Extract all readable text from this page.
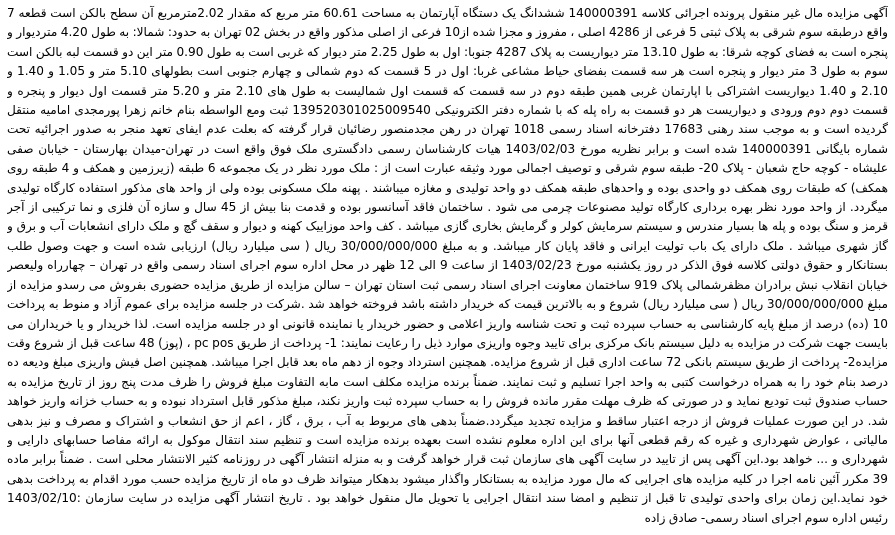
آگهی مزایده مال غیر منقول پرونده اجرائی کلاسه 140000391 ششدانگ یک دستگاه آپارتمان به مساحت 60.61 متر مربع که مقدار 2.02مترمربع آن سطح بالکن است قطعه 7 واقع درطبقه سوم شرقی به پلاک ثبتی 5 فرعی از 4286 اصلی ، مفروز و مجزا شده از10 فرعی از اصلی مذکور واقع در بخش 02 تهران به حدود: شمالا: به طول 4.20 متردیوار و پنجره است به فضای کوچه شرقا: به طول 13.10 متر دیواریست به پلاک 4287 جنوبا: اول به طول 2.25 متر دیوار که غربی است به طول 0.90 متر این دو قسمت لبه بالکن است سوم به طول 3 متر دیوار و پنجره است هر سه قسمت بفضای حیاط مشاعی غربا: اول در 5 قسمت که دوم شمالی و چهارم جنوبی است بطولهای 5.10 متر و 1.05 و 1.40 و 2.10 و 1.40 دیواریست اشتراکی با اپارتمان غربی همین طبقه دوم در سه قسمت که قسمت اول شمالیست به طول های 2.10 متر و 5.20 متر قسمت اول دیوار و پنجره و قسمت دوم دوم ورودی و دیواریست هر دو قسمت به راه پله که با شماره دفتر الکترونیکی 139520301025009540 ثبت ومع الواسطه بنام خانم زهرا پورمجدی امامیه منتقل گردیده است و به موجب سند رهنی 17683 دفترخانه اسناد رسمی 1018 تهران در رهن مجدمنصور رضائیان قرار گرفته که بعلت عدم ایفای تعهد منجر به صدور اجرائیه تحت شماره بایگانی 140000391 شده است و برابر نظریه مورخ 1403/02/03 هیات کارشناسان رسمی دادگستری ملک فوق واقع است در تهران-میدان بهارستان - خیابان صفی علیشاه - کوچه حاج شعبان - پلاک 20- طبقه سوم شرقی و توصیف اجمالی مورد وثیقه عبارت است از : ملک مورد نظر در یک مجموعه 6 طبقه (زیرزمین و همکف و 4 طبقه روی همکف) که طبقات روی همکف دو واحدی بوده و واحدهای طبقه همکف دو واحد تولیدی و مغازه میباشند . پهنه ملک مسکونی بوده ولی از واحد های مذکور استفاده کارگاه تولیدی میگردد. از واحد مورد نظر بهره برداری کارگاه تولید مصنوعات چرمی می شود . ساختمان فاقد آسانسور بوده و قدمت بنا بیش از 45 سال و سازه آن فلزی و نما ترکیبی از آجر قرمز و سنگ بوده و پله ها بسیار مندرس و سیستم سرمایش کولر و گرمایش بخاری گازی میباشد . کف واحد موزاییک کهنه و دیوار و سقف گچ و ملک دارای انشعابات آب و برق و گاز شهری میباشد . ملک دارای یک باب تولیت ایرانی و فاقد پایان کار میباشد. و به مبلغ 30/000/000/000 ریال ( سی میلیارد ریال) ارزیابی شده است و جهت وصول طلب بستانکار و حقوق دولتی کلاسه فوق الذکر در روز یکشنبه مورخ 1403/02/23 از ساعت 9 الی 12 ظهر در محل اداره سوم اجرای اسناد رسمی واقع در تهران – چهارراه ولیعصر خیابان انقلاب نبش برادران مظفرشمالی پلاک 919 ساختمان معاونت اجرای اسناد رسمی ثبت استان تهران – سالن مزایده از طریق مزایده حضوری بفروش می رسدو مزایده از مبلغ 30/000/000/000 ریال ( سی میلیارد ریال) شروع و به بالاترین قیمت که خریدار داشته باشد فروخته خواهد شد .شرکت در جلسه مزایده برای عموم آزاد و منوط به پرداخت 10 (ده) درصد از مبلغ پایه کارشناسی به حساب سپرده ثبت و تحت شناسه واریز اعلامی و حضور خریدار یا نماینده قانونی او در جلسه مزایده است. لذا خریدار و یا خریداران می بایست جهت شرکت در مزایده به دلیل سیستم بانک مرکزی برای تایید وجوه واریزی موارد ذیل را رعایت نمایند: 1- پرداخت از طریق pc pos ، (پوز) 48 ساعت قبل از شروع وقت مزایده2- پرداخت از طریق سیستم بانکی 72 ساعت اداری قبل از شروع مزایده. همچنین استرداد وجوه از دهم ماه بعد قابل اجرا میباشد. همچنین اصل فیش واریزی مبلغ ودیعه ده درصد بنام خود را به همراه درخواست کتبی به واحد اجرا تسلیم و ثبت نمایند. ضمناً برنده مزایده مکلف است مابه التفاوت مبلغ فروش را ظرف مدت پنج روز از تاریخ مزایده به حساب صندوق ثبت تودیع نماید و در صورتی که ظرف مهلت مقرر مانده فروش را به حساب سپرده ثبت واریز نکند، مبلغ مذکور قابل استرداد نبوده و به حساب خزانه واریز خواهد شد. در این صورت عملیات فروش از درجه اعتبار ساقط و مزایده تجدید میگردد.ضمناً بدهی های مربوط به آب ، برق ، گاز ، اعم از حق انشعاب و اشتراک و مصرف و نیز بدهی مالیاتی ، عوارض شهرداری و غیره که رقم قطعی آنها برای این اداره معلوم نشده است بعهده برنده مزایده است و تنظیم سند انتقال موکول به ارائه مفاصا حسابهای دارایی و شهرداری و ... خواهد بود.این آگهی پس از تایید در سایت آگهی های سازمان ثبت قرار خواهد گرفت و به منزله انتشار آگهی در روزنامه کثیر الانتشار محلی است . ضمناً برابر ماده 39 مکرر آئین نامه اجرا در کلیه مزایده های اجرایی که مال مورد مزایده به بستانکار واگذار میشود بدهکار میتواند ظرف دو ماه از تاریخ مزایده حسب مورد اقدام به پرداخت بدهی خود نماید.این زمان برای واحدی تولیدی تا قبل از تنظیم و امضا سند انتقال اجرایی یا تحویل مال منقول خواهد بود . تاریخ انتشار آگهی مزایده در سایت سازمان :1403/02/10 رئیس اداره سوم اجرای اسناد رسمی- صادق زاده
